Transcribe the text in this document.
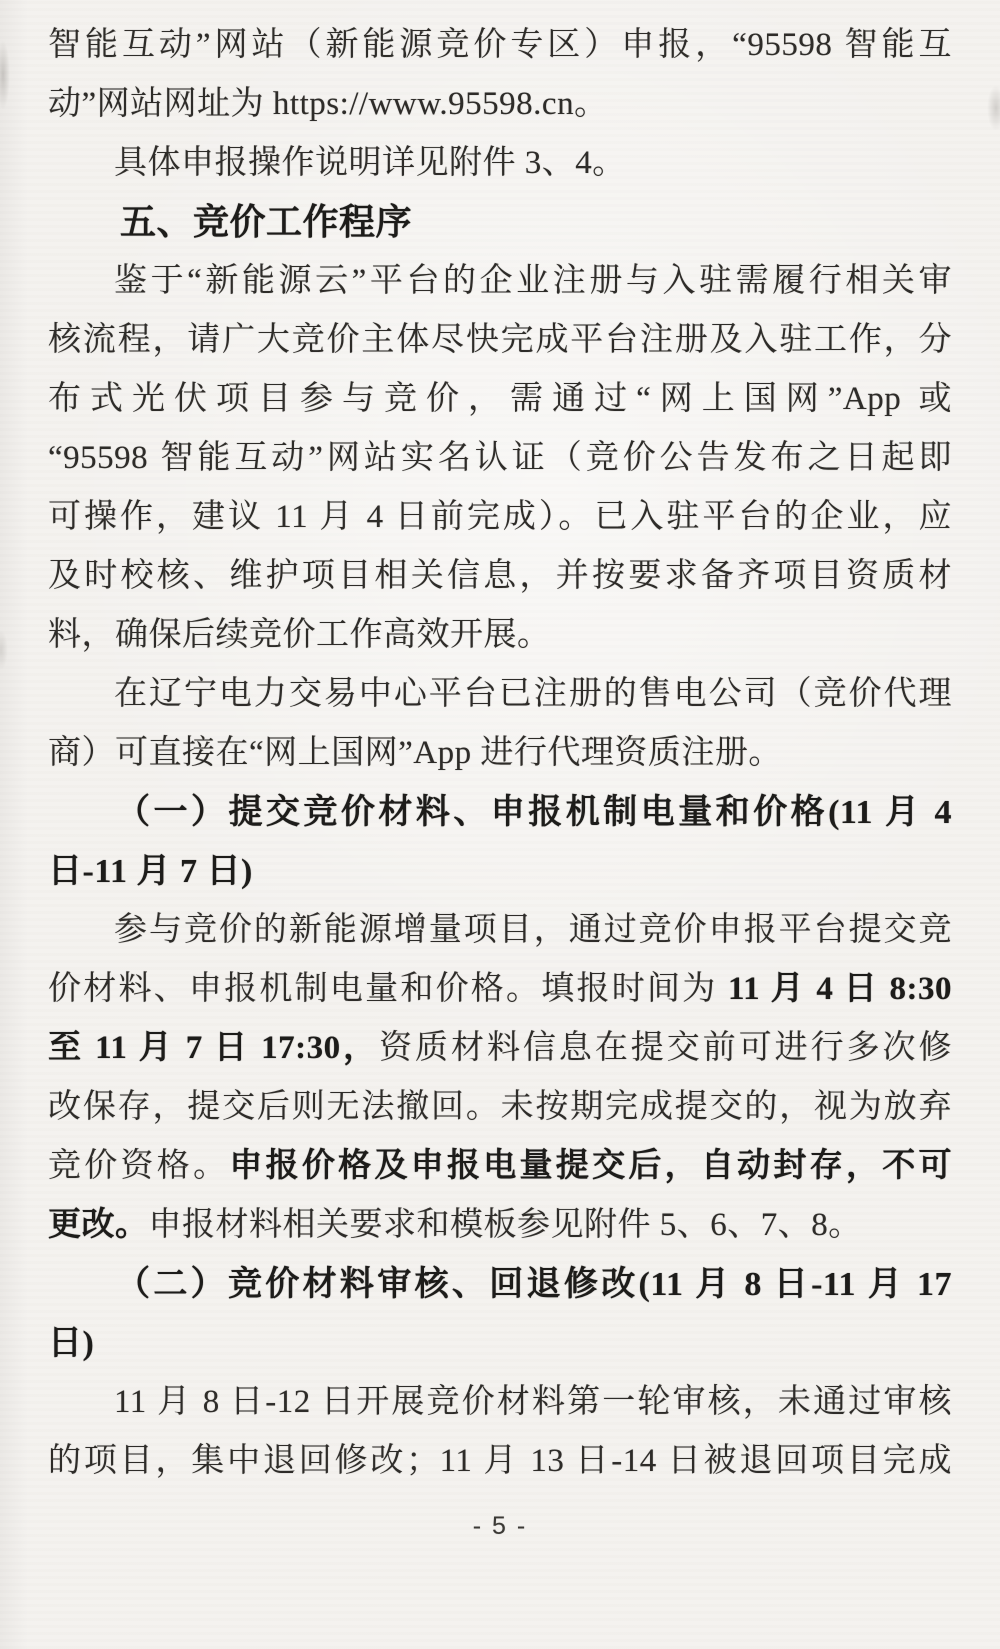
智能互动”网站（新能源竞价专区）申报，“95598 智能互
动”网站网址为 https://www.95598.cn。
具体申报操作说明详见附件 3、4。
五、竞价工作程序
鉴于“新能源云”平台的企业注册与入驻需履行相关审
核流程，请广大竞价主体尽快完成平台注册及入驻工作，分
布式光伏项目参与竞价，需通过“网上国网”App 或
“95598 智能互动”网站实名认证（竞价公告发布之日起即
可操作，建议 11 月 4 日前完成）。已入驻平台的企业，应
及时校核、维护项目相关信息，并按要求备齐项目资质材
料，确保后续竞价工作高效开展。
在辽宁电力交易中心平台已注册的售电公司（竞价代理
商）可直接在“网上国网”App 进行代理资质注册。
（一）提交竞价材料、申报机制电量和价格(11 月 4
日-11 月 7 日)
参与竞价的新能源增量项目，通过竞价申报平台提交竞
价材料、申报机制电量和价格。填报时间为 11 月 4 日 8:30
至 11 月 7 日 17:30，资质材料信息在提交前可进行多次修
改保存，提交后则无法撤回。未按期完成提交的，视为放弃
竞价资格。申报价格及申报电量提交后，自动封存，不可
更改。申报材料相关要求和模板参见附件 5、6、7、8。
（二）竞价材料审核、回退修改(11 月 8 日-11 月 17
日)
11 月 8 日-12 日开展竞价材料第一轮审核，未通过审核
的项目，集中退回修改；11 月 13 日-14 日被退回项目完成
- 5 -
